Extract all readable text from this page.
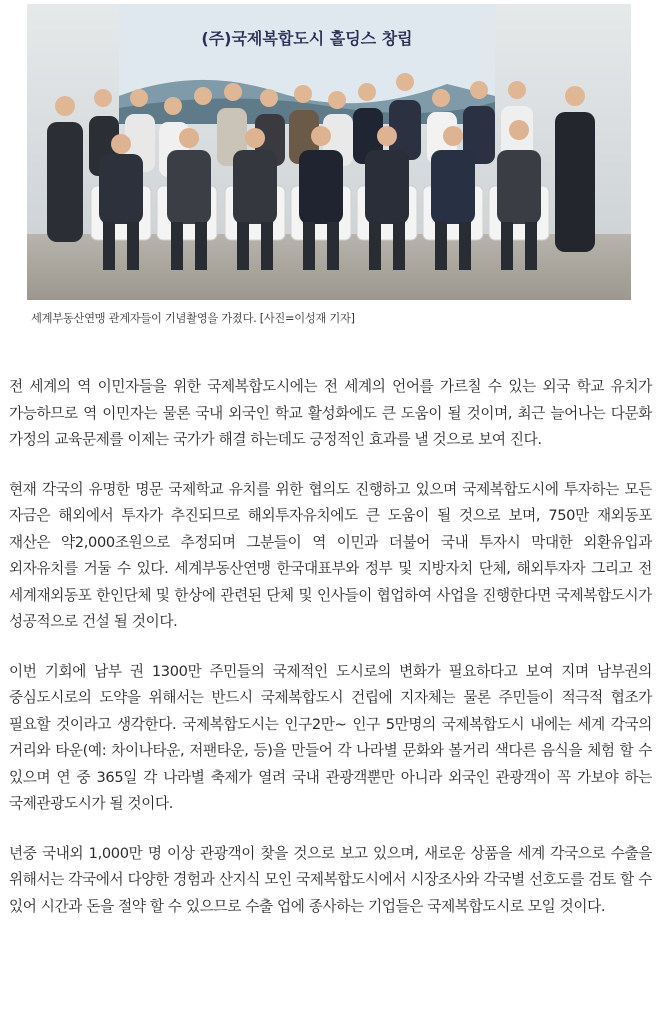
(주)국제복합도시 홀딩스 창립
세계부동산연맹 관계자들이 기념촬영을 가졌다. [사진=이성재 기자]

전 세계의 역 이민자들을 위한 국제복합도시에는 전 세계의 언어를 가르칠 수 있는 외국 학교 유치가 가능하므로 역 이민자는 물론 국내 외국인 학교 활성화에도 큰 도움이 될 것이며, 최근 늘어나는 다문화 가정의 교육문제를 이제는 국가가 해결 하는데도 긍정적인 효과를 낼 것으로 보여 진다.

현재 각국의 유명한 명문 국제학교 유치를 위한 협의도 진행하고 있으며 국제복합도시에 투자하는 모든 자금은 해외에서 투자가 추진되므로 해외투자유치에도 큰 도움이 될 것으로 보며, 750만 재외동포 재산은 약2,000조원으로 추정되며 그분들이 역 이민과 더불어 국내 투자시 막대한 외환유입과 외자유치를 거둘 수 있다. 세계부동산연맹 한국대표부와 정부 및 지방자치 단체, 해외투자자 그리고 전 세계재외동포 한인단체 및 한상에 관련된 단체 및 인사들이 협업하여 사업을 진행한다면 국제복합도시가 성공적으로 건설 될 것이다.

이번 기회에 남부 권 1300만 주민들의 국제적인 도시로의 변화가 필요하다고 보여 지며 남부권의 중심도시로의 도약을 위해서는 반드시 국제복합도시 건립에 지자체는 물론 주민들이 적극적 협조가 필요할 것이라고 생각한다. 국제복합도시는 인구2만~ 인구 5만명의 국제복합도시 내에는 세계 각국의 거리와 타운(예: 차이나타운, 저팬타운, 등)을 만들어 각 나라별 문화와 볼거리 색다른 음식을 체험 할 수 있으며 연 중 365일 각 나라별 축제가 열려 국내 관광객뿐만 아니라 외국인 관광객이 꼭 가보야 하는 국제관광도시가 될 것이다.

년중 국내외 1,000만 명 이상 관광객이 찾을 것으로 보고 있으며, 새로운 상품을 세계 각국으로 수출을 위해서는 각국에서 다양한 경험과 산지식 모인 국제복합도시에서 시장조사와 각국별 선호도를 검토 할 수 있어 시간과 돈을 절약 할 수 있으므로 수출 업에 종사하는 기업들은 국제복합도시로 모일 것이다.
